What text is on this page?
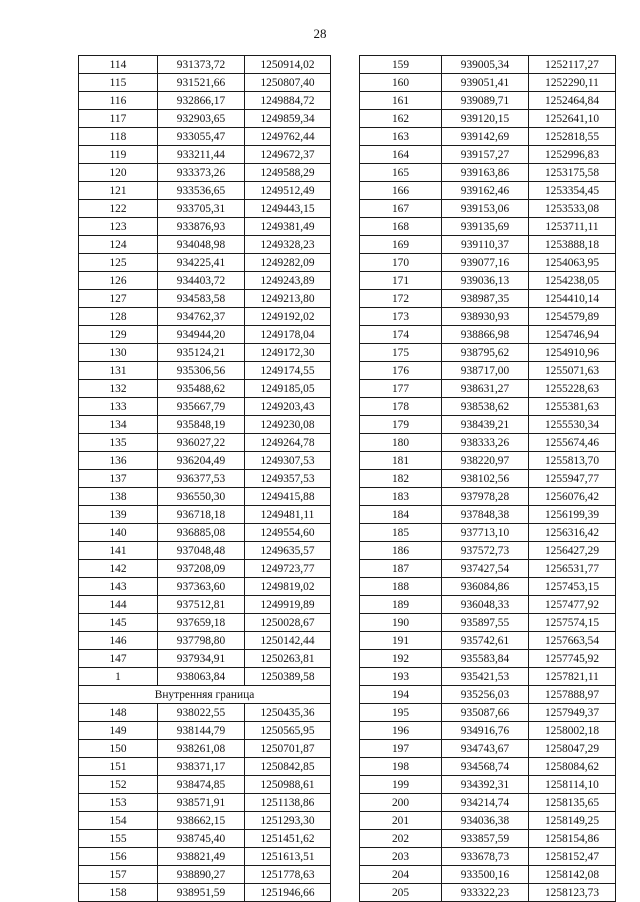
28
114	931373,72	1250914,02
115	931521,66	1250807,40
116	932866,17	1249884,72
117	932903,65	1249859,34
118	933055,47	1249762,44
119	933211,44	1249672,37
120	933373,26	1249588,29
121	933536,65	1249512,49
122	933705,31	1249443,15
123	933876,93	1249381,49
124	934048,98	1249328,23
125	934225,41	1249282,09
126	934403,72	1249243,89
127	934583,58	1249213,80
128	934762,37	1249192,02
129	934944,20	1249178,04
130	935124,21	1249172,30
131	935306,56	1249174,55
132	935488,62	1249185,05
133	935667,79	1249203,43
134	935848,19	1249230,08
135	936027,22	1249264,78
136	936204,49	1249307,53
137	936377,53	1249357,53
138	936550,30	1249415,88
139	936718,18	1249481,11
140	936885,08	1249554,60
141	937048,48	1249635,57
142	937208,09	1249723,77
143	937363,60	1249819,02
144	937512,81	1249919,89
145	937659,18	1250028,67
146	937798,80	1250142,44
147	937934,91	1250263,81
1	938063,84	1250389,58
Внутренняя граница		
148	938022,55	1250435,36
149	938144,79	1250565,95
150	938261,08	1250701,87
151	938371,17	1250842,85
152	938474,85	1250988,61
153	938571,91	1251138,86
154	938662,15	1251293,30
155	938745,40	1251451,62
156	938821,49	1251613,51
157	938890,27	1251778,63
158	938951,59	1251946,66
159	939005,34	1252117,27
160	939051,41	1252290,11
161	939089,71	1252464,84
162	939120,15	1252641,10
163	939142,69	1252818,55
164	939157,27	1252996,83
165	939163,86	1253175,58
166	939162,46	1253354,45
167	939153,06	1253533,08
168	939135,69	1253711,11
169	939110,37	1253888,18
170	939077,16	1254063,95
171	939036,13	1254238,05
172	938987,35	1254410,14
173	938930,93	1254579,89
174	938866,98	1254746,94
175	938795,62	1254910,96
176	938717,00	1255071,63
177	938631,27	1255228,63
178	938538,62	1255381,63
179	938439,21	1255530,34
180	938333,26	1255674,46
181	938220,97	1255813,70
182	938102,56	1255947,77
183	937978,28	1256076,42
184	937848,38	1256199,39
185	937713,10	1256316,42
186	937572,73	1256427,29
187	937427,54	1256531,77
188	936084,86	1257453,15
189	936048,33	1257477,92
190	935897,55	1257574,15
191	935742,61	1257663,54
192	935583,84	1257745,92
193	935421,53	1257821,11
194	935256,03	1257888,97
195	935087,66	1257949,37
196	934916,76	1258002,18
197	934743,67	1258047,29
198	934568,74	1258084,62
199	934392,31	1258114,10
200	934214,74	1258135,65
201	934036,38	1258149,25
202	933857,59	1258154,86
203	933678,73	1258152,47
204	933500,16	1258142,08
205	933322,23	1258123,73
